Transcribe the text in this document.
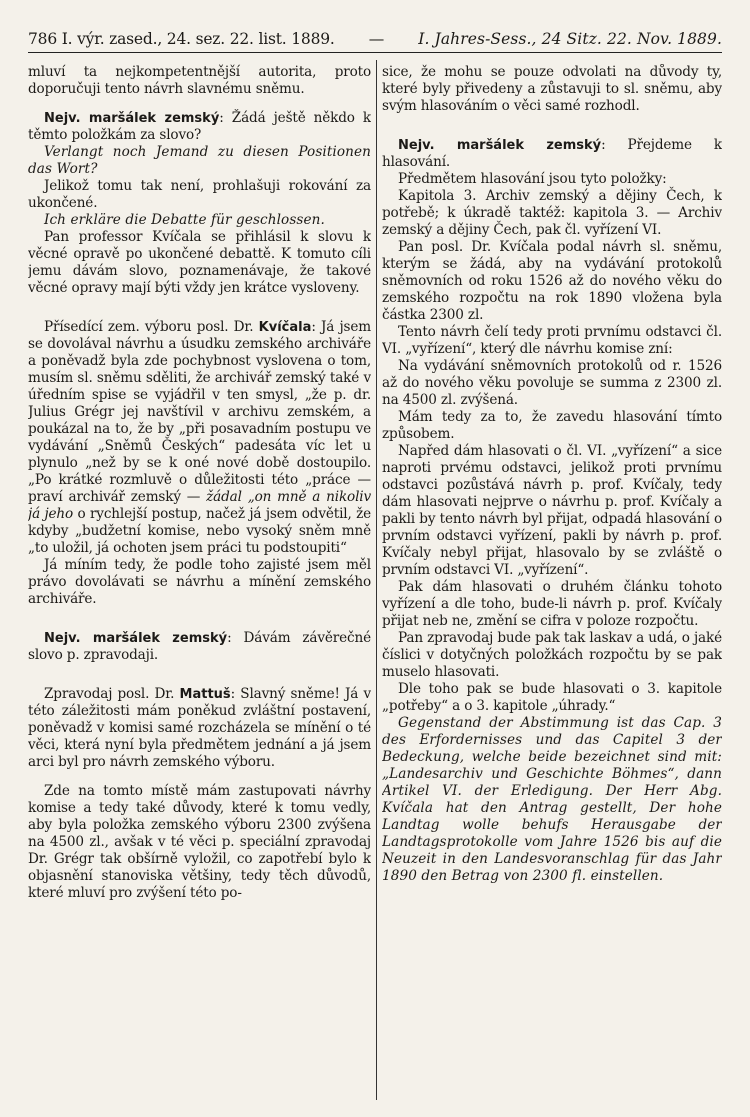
786 I. výr. zased., 24. sez. 22. list. 1889. — I. Jahres-Sess., 24 Sitz. 22. Nov. 1889.

mluví ta nejkompetentnější autorita, proto doporučuji tento návrh slavnému sněmu.

Nejv. maršálek zemský: Žádá ještě někdo k těmto položkám za slovo?

Verlangt noch Jemand zu diesen Positionen das Wort?

Jelikož tomu tak není, prohlašuji rokování za ukončené.

Ich erkläre die Debatte für geschlossen.

Pan professor Kvíčala se přihlásil k slovu k věcné opravě po ukončené debattě. K tomuto cíli jemu dávám slovo, poznamenávaje, že takové věcné opravy mají býti vždy jen krátce vysloveny.

Přísedící zem. výboru posl. Dr. Kvíčala: Já jsem se dovolával návrhu a úsudku zemského archiváře a poněvadž byla zde pochybnost vyslovena o tom, musím sl. sněmu sděliti, že archivář zemský také v úředním spise se vyjádřil v ten smysl, „že p. dr. Julius Grégr jej navštívil v archivu zemském, a poukázal na to, že by „při posavadním postupu ve vydávání „Sněmů Českých“ padesáta víc let u plynulo „než by se k oné nové době dostoupilo. „Po krátké rozmluvě o důležitosti této „práce — praví archivář zemský — žádal „on mně a nikoliv já jeho o rychlejší postup, načež já jsem odvětil, že kdyby „budžetní komise, nebo vysoký sněm mně „to uložil, já ochoten jsem práci tu podstoupiti“

Já míním tedy, že podle toho zajisté jsem měl právo dovolávati se návrhu a mínění zemského archiváře.

Nejv. maršálek zemský: Dávám závěrečné slovo p. zpravodaji.

Zpravodaj posl. Dr. Mattuš: Slavný sněme! Já v této záležitosti mám poněkud zvláštní postavení, poněvadž v komisi samé rozcházela se mínění o té věci, která nyní byla předmětem jednání a já jsem arci byl pro návrh zemského výboru.

Zde na tomto místě mám zastupovati návrhy komise a tedy také důvody, které k tomu vedly, aby byla položka zemského výboru 2300 zvýšena na 4500 zl., avšak v té věci p. speciální zpravodaj Dr. Grégr tak obšírně vyložil, co zapotřebí bylo k objasnění stanoviska většiny, tedy těch důvodů, které mluví pro zvýšení této po-

sice, že mohu se pouze odvolati na důvody ty, které byly přivedeny a zůstavuji to sl. sněmu, aby svým hlasováním o věci samé rozhodl.

Nejv. maršálek zemský: Přejdeme k hlasování.

Předmětem hlasování jsou tyto položky:

Kapitola 3. Archiv zemský a dějiny Čech, k potřebě; k úkradě taktéž: kapitola 3. — Archiv zemský a dějiny Čech, pak čl. vyřízení VI.

Pan posl. Dr. Kvíčala podal návrh sl. sněmu, kterým se žádá, aby na vydávání protokolů sněmovních od roku 1526 až do nového věku do zemského rozpočtu na rok 1890 vložena byla částka 2300 zl.

Tento návrh čelí tedy proti prvnímu odstavci čl. VI. „vyřízení“, který dle návrhu komise zní:

Na vydávání sněmovních protokolů od r. 1526 až do nového věku povoluje se summa z 2300 zl. na 4500 zl. zvýšená.

Mám tedy za to, že zavedu hlasování tímto způsobem.

Napřed dám hlasovati o čl. VI. „vyřízení“ a sice naproti prvému odstavci, jelikož proti prvnímu odstavci pozůstává návrh p. prof. Kvíčaly, tedy dám hlasovati nejprve o návrhu p. prof. Kvíčaly a pakli by tento návrh byl přijat, odpadá hlasování o prvním odstavci vyřízení, pakli by návrh p. prof. Kvíčaly nebyl přijat, hlasovalo by se zvláště o prvním odstavci VI. „vyřízení“.

Pak dám hlasovati o druhém článku tohoto vyřízení a dle toho, bude-li návrh p. prof. Kvíčaly přijat neb ne, změní se cifra v poloze rozpočtu.

Pan zpravodaj bude pak tak laskav a udá, o jaké číslici v dotyčných položkách rozpočtu by se pak muselo hlasovati.

Dle toho pak se bude hlasovati o 3. kapitole „potřeby“ a o 3. kapitole „úhrady.“

Gegenstand der Abstimmung ist das Cap. 3 des Erfordernisses und das Capitel 3 der Bedeckung, welche beide bezeichnet sind mit: „Landesarchiv und Geschichte Böhmes“, dann Artikel VI. der Erledigung. Der Herr Abg. Kvíčala hat den Antrag gestellt, Der hohe Landtag wolle behufs Herausgabe der Landtagsprotokolle vom Jahre 1526 bis auf die Neuzeit in den Landesvoranschlag für das Jahr 1890 den Betrag von 2300 fl. einstellen.
